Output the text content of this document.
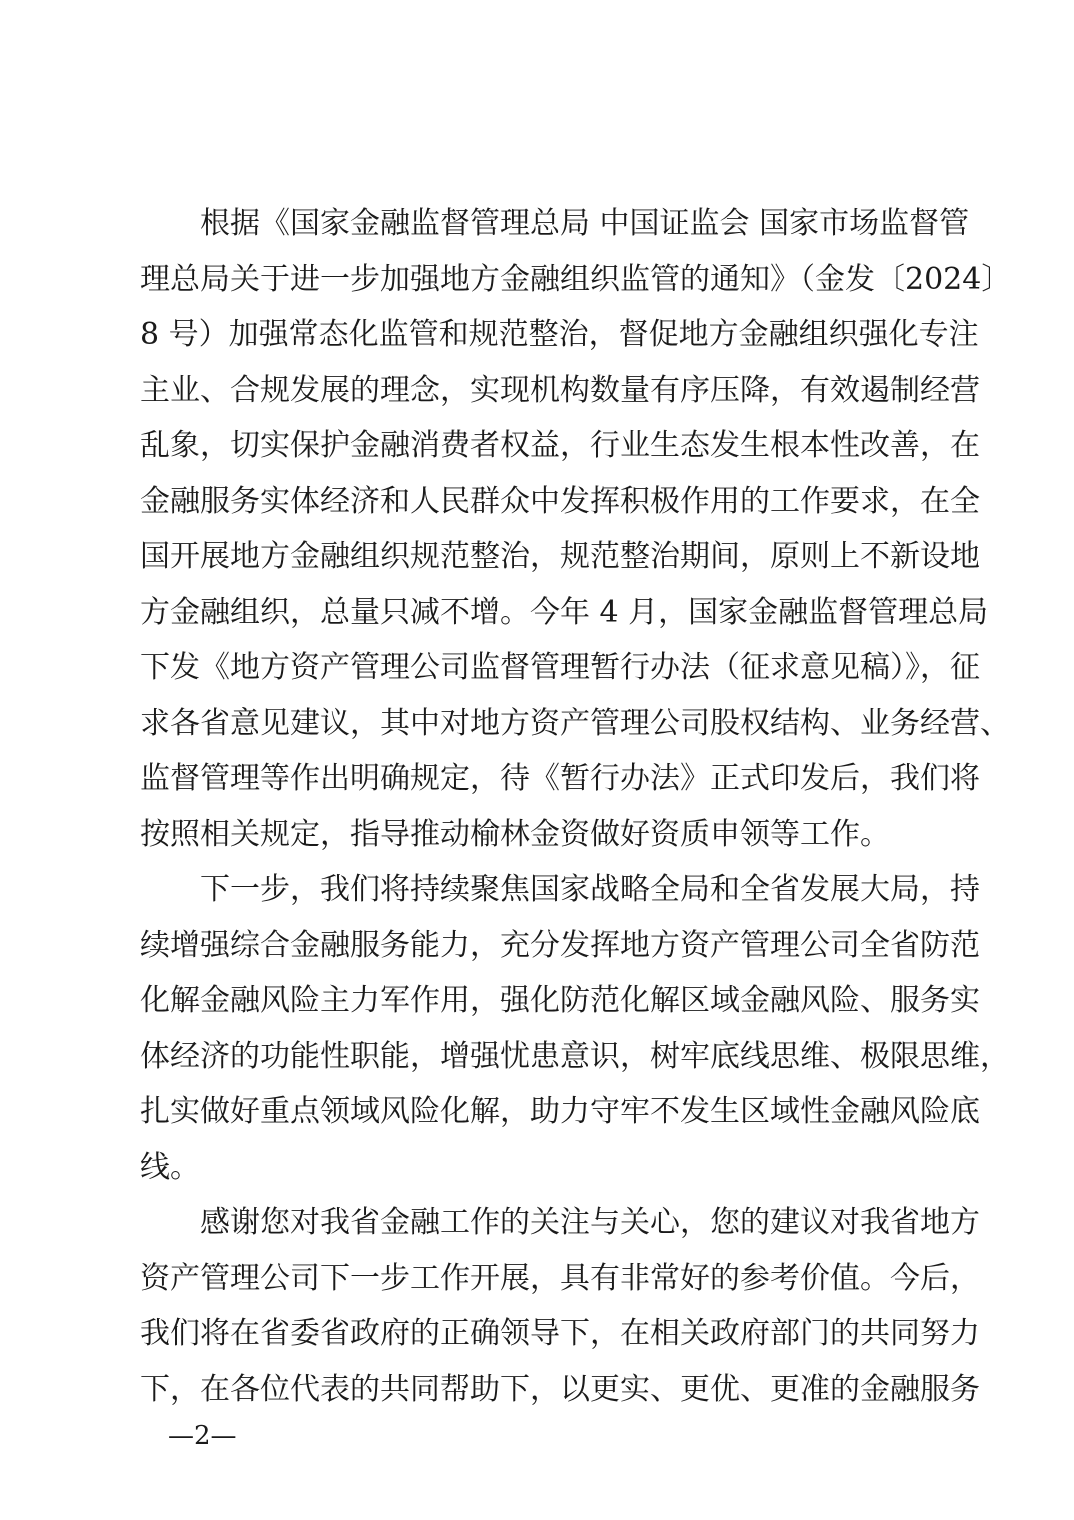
根据《国家金融监督管理总局 中国证监会 国家市场监督管
理总局关于进一步加强地方金融组织监管的通知》（金发〔2024〕
8 号）加强常态化监管和规范整治，督促地方金融组织强化专注
主业、合规发展的理念，实现机构数量有序压降，有效遏制经营
乱象，切实保护金融消费者权益，行业生态发生根本性改善，在
金融服务实体经济和人民群众中发挥积极作用的工作要求，在全
国开展地方金融组织规范整治，规范整治期间，原则上不新设地
方金融组织，总量只减不增。今年 4 月，国家金融监督管理总局
下发《地方资产管理公司监督管理暂行办法（征求意见稿）》，征
求各省意见建议，其中对地方资产管理公司股权结构、业务经营、
监督管理等作出明确规定，待《暂行办法》正式印发后，我们将
按照相关规定，指导推动榆林金资做好资质申领等工作。
下一步，我们将持续聚焦国家战略全局和全省发展大局，持
续增强综合金融服务能力，充分发挥地方资产管理公司全省防范
化解金融风险主力军作用，强化防范化解区域金融风险、服务实
体经济的功能性职能，增强忧患意识，树牢底线思维、极限思维，
扎实做好重点领域风险化解，助力守牢不发生区域性金融风险底
线。
感谢您对我省金融工作的关注与关心，您的建议对我省地方
资产管理公司下一步工作开展，具有非常好的参考价值。今后，
我们将在省委省政府的正确领导下，在相关政府部门的共同努力
下，在各位代表的共同帮助下，以更实、更优、更准的金融服务
—2—
